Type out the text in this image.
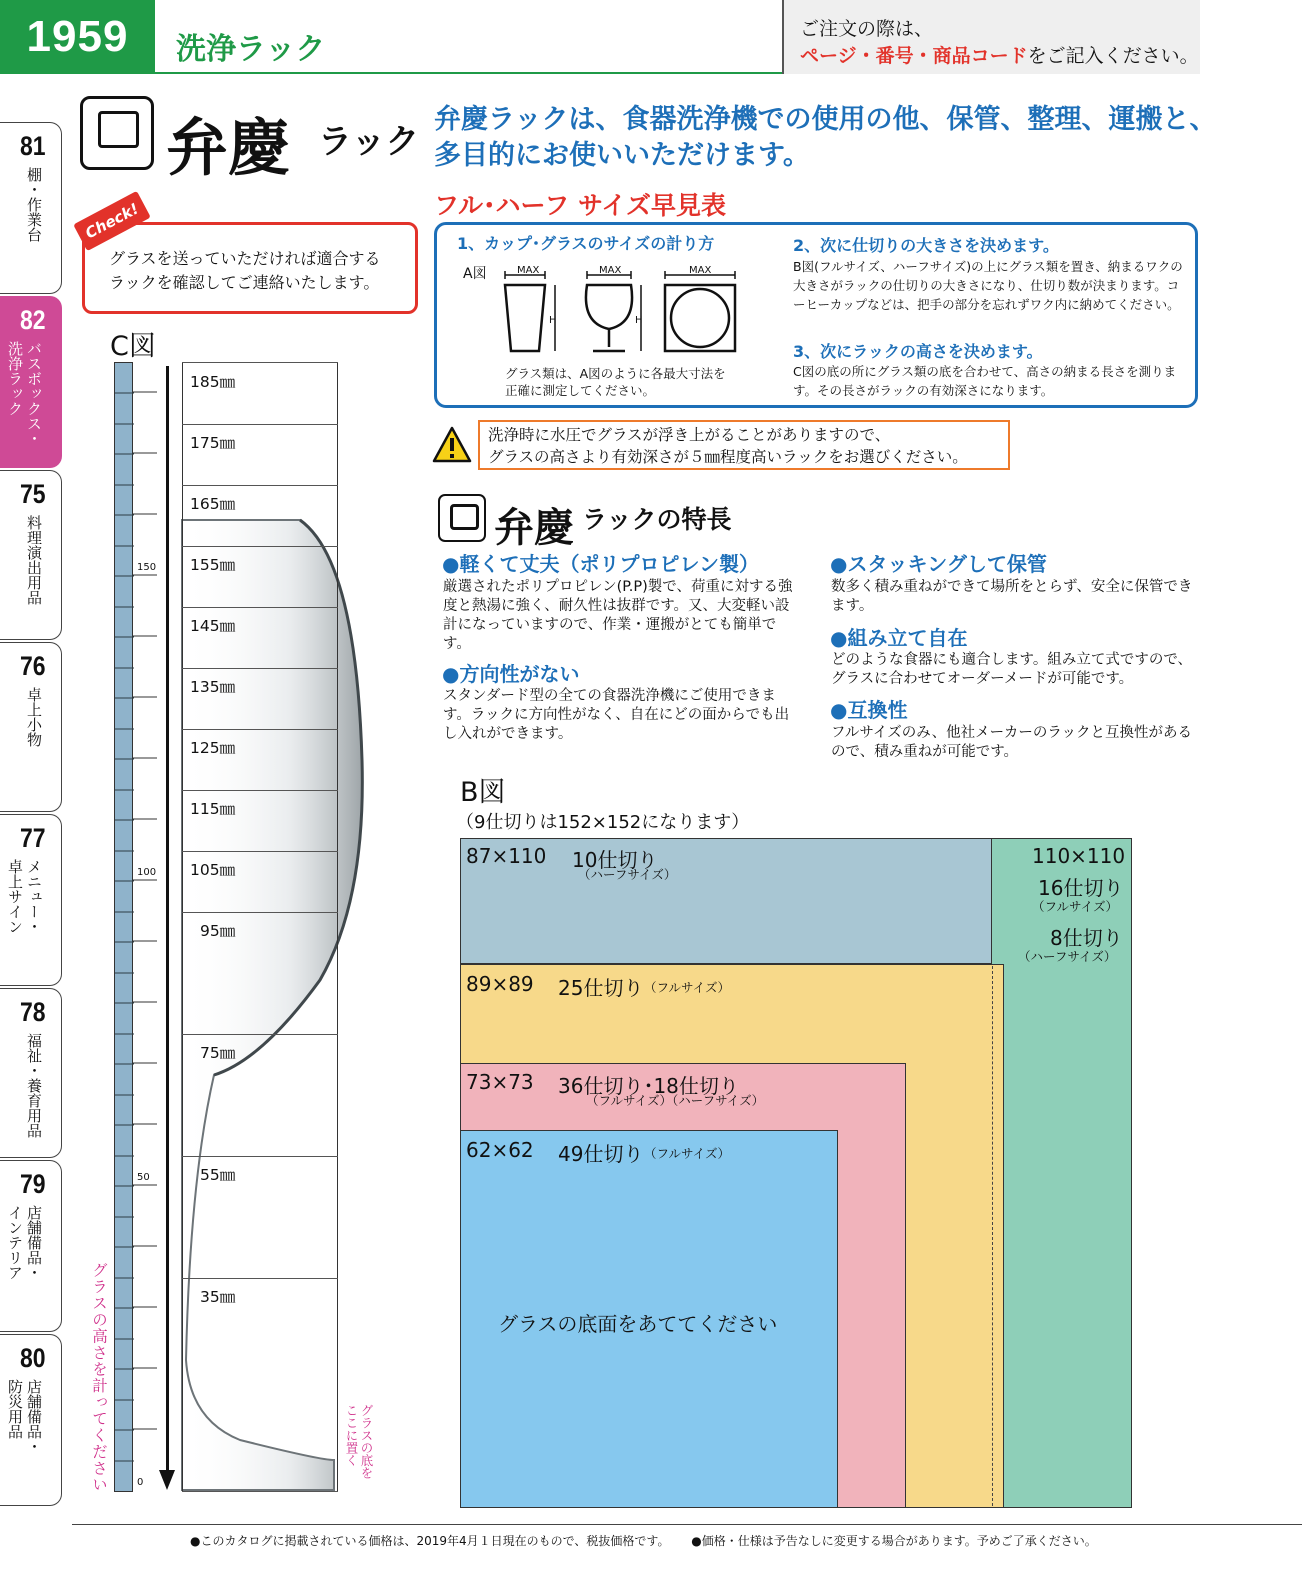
1959	洗浄ラック
ご注文の際は、
ページ・番号・商品コードをご記入ください。
81
棚・作業台
82
バスボックス・
洗浄ラック
75
料理演出用品
76
卓上小物
77
メニュー・
卓上サイン
78
福祉・養育用品
79
店舗備品・
インテリア
80
店舗備品・
防災用品
弁慶 ラック
弁慶ラックは、食器洗浄機での使用の他、保管、整理、運搬と、
多目的にお使いいただけます。
フル･ハーフ サイズ早見表
グラスを送っていただければ適合する
ラックを確認してご連絡いたします。
Check!
1、カップ･グラスのサイズの計り方
A図	MAX	MAX	MAX
H	H
グラス類は、A図のように各最大寸法を
正確に測定してください。
2、次に仕切りの大きさを決めます。
B図(フルサイズ、ハーフサイズ)の上にグラス類を置き、納まるワクの大きさがラックの仕切りの大きさになり、仕切り数が決まります。コーヒーカップなどは、把手の部分を忘れずワク内に納めてください。
3、次にラックの高さを決めます。
C図の底の所にグラス類の底を合わせて、高さの納まる長さを測ります。その長さがラックの有効深さになります。
洗浄時に水圧でグラスが浮き上がることがありますので、
グラスの高さより有効深さが５㎜程度高いラックをお選びください。
弁慶 ラックの特長
●軽くて丈夫（ポリプロピレン製）
厳選されたポリプロピレン(P.P)製で、荷重に対する強度と熱湯に強く、耐久性は抜群です。又、大変軽い設計になっていますので、作業・運搬がとても簡単です。
●方向性がない
スタンダード型の全ての食器洗浄機にご使用できます。ラックに方向性がなく、自在にどの面からでも出し入れができます。
●スタッキングして保管
数多く積み重ねができて場所をとらず、安全に保管できます。
●組み立て自在
どのような食器にも適合します。組み立て式ですので、グラスに合わせてオーダーメードが可能です。
●互換性
フルサイズのみ、他社メーカーのラックと互換性があるので、積み重ねが可能です。
C図
150
100
50
0
185㎜
175㎜
165㎜
155㎜
145㎜
135㎜
125㎜
115㎜
105㎜
95㎜
75㎜
55㎜
35㎜
グラスの高さを計ってください	グラスの底を
ここに置く
B図
（9仕切りは152×152になります）
87×110 10仕切り
（ハーフサイズ）
110×110
16仕切り
（フルサイズ）
8仕切り
（ハーフサイズ）
89×89 25仕切り （フルサイズ）
73×73 36仕切り･18仕切り
（フルサイズ）（ハーフサイズ）
62×62 49仕切り （フルサイズ）
グラスの底面をあててください
●このカタログに掲載されている価格は、2019年4月１日現在のもので、税抜価格です。 ●価格・仕様は予告なしに変更する場合があります。予めご了承ください。
